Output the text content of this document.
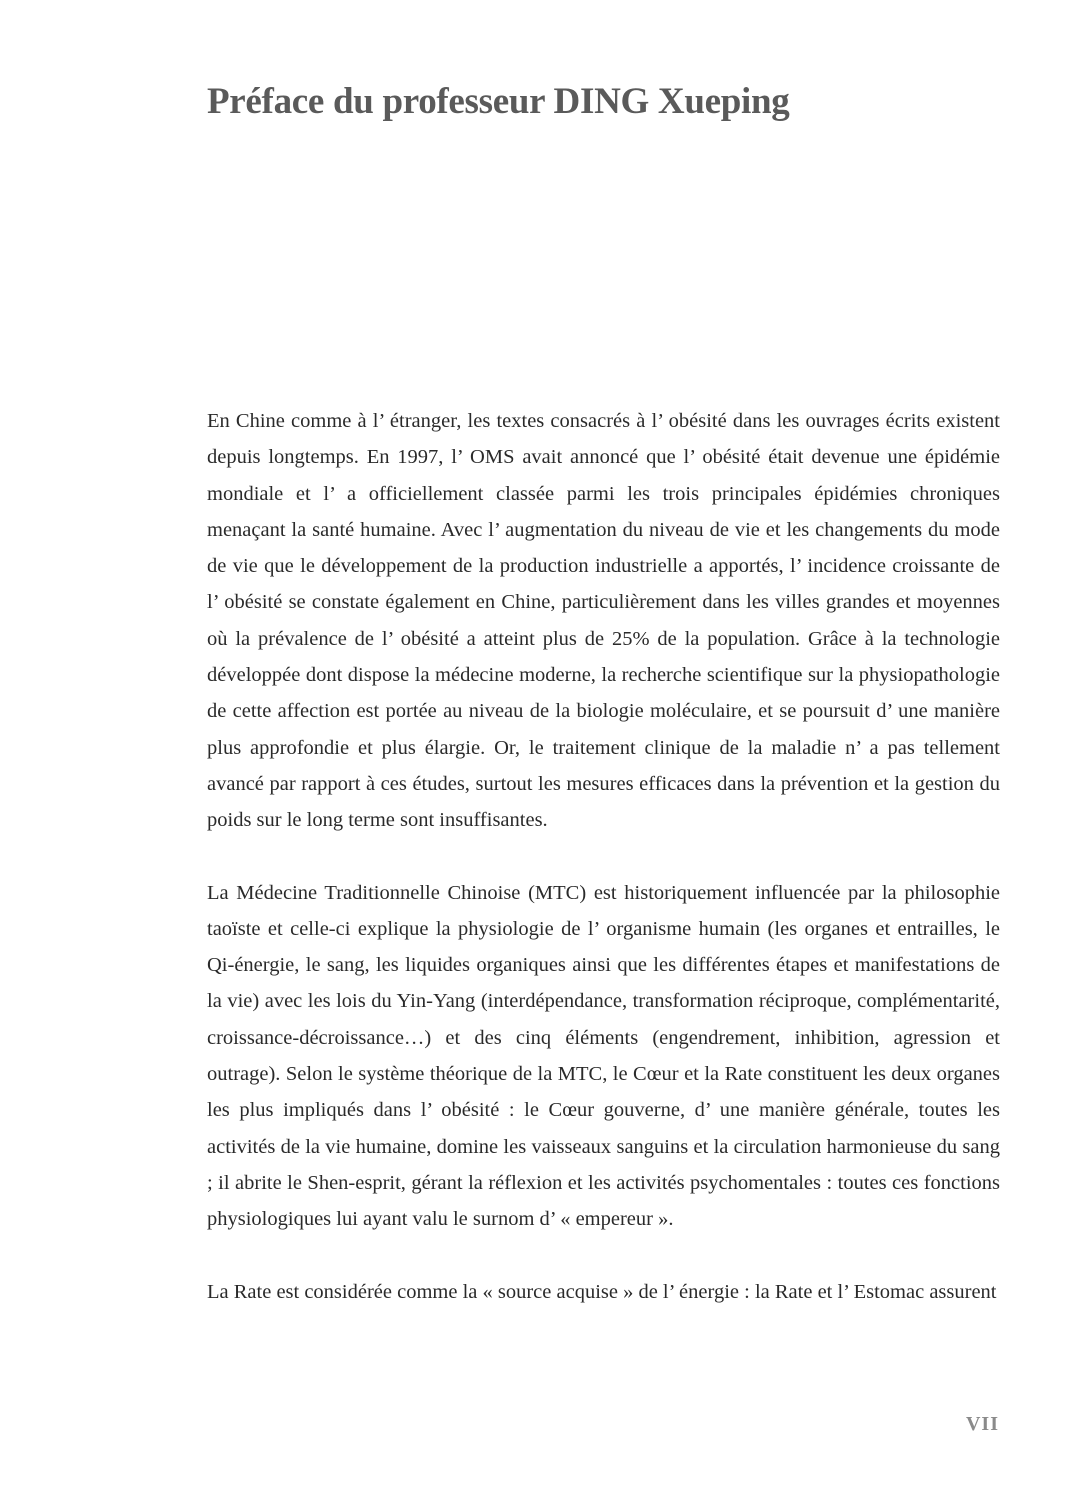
Préface du professeur DING Xueping

En Chine comme à l’ étranger, les textes consacrés à l’ obésité dans les ouvrages écrits existent depuis longtemps. En 1997, l’ OMS avait annoncé que l’ obésité était devenue une épidémie mondiale et l’ a officiellement classée parmi les trois principales épidémies chroniques menaçant la santé humaine. Avec l’ augmentation du niveau de vie et les changements du mode de vie que le développement de la production industrielle a apportés, l’ incidence croissante de l’ obésité se constate également en Chine, particulièrement dans les villes grandes et moyennes où la prévalence de l’ obésité a atteint plus de 25% de la population. Grâce à la technologie développée dont dispose la médecine moderne, la recherche scientifique sur la physiopathologie de cette affection est portée au niveau de la biologie moléculaire, et se poursuit d’ une manière plus approfondie et plus élargie. Or, le traitement clinique de la maladie n’ a pas tellement avancé par rapport à ces études, surtout les mesures efficaces dans la prévention et la gestion du poids sur le long terme sont insuffisantes.

La Médecine Traditionnelle Chinoise (MTC) est historiquement influencée par la philosophie taoïste et celle-ci explique la physiologie de l’ organisme humain (les organes et entrailles, le Qi-énergie, le sang, les liquides organiques ainsi que les différentes étapes et manifestations de la vie) avec les lois du Yin-Yang (interdépendance, transformation réciproque, complémentarité, croissance-décroissance…) et des cinq éléments (engendrement, inhibition, agression et outrage). Selon le système théorique de la MTC, le Cœur et la Rate constituent les deux organes les plus impliqués dans l’ obésité : le Cœur gouverne, d’ une manière générale, toutes les activités de la vie humaine, domine les vaisseaux sanguins et la circulation harmonieuse du sang ; il abrite le Shen-esprit, gérant la réflexion et les activités psychomentales : toutes ces fonctions physiologiques lui ayant valu le surnom d’ « empereur ».

La Rate est considérée comme la « source acquise » de l’ énergie : la Rate et l’ Estomac assurent

VII
